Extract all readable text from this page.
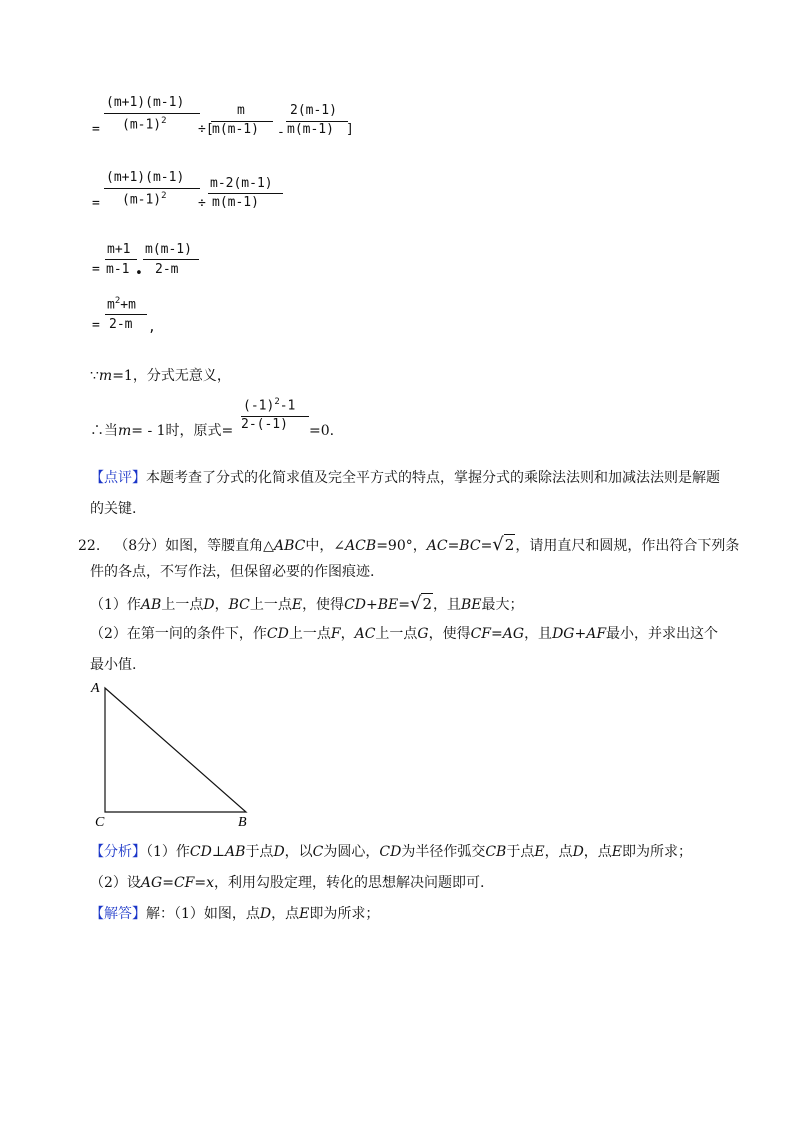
(m+1)(m-1)
$(m-1)^2$
=	÷[
m
m(m-1) -
2(m-1)
m(m-1) ]
(m+1)(m-1)
$(m-1)^2$
=	÷
m-2(m-1)
m(m-1)
=
m+1
m-1 •
m(m-1)
2-m
=
$m^2+m$
2-m ,
∵m=1，分式无意义，
∴当m= - 1时，原式=
$(-1)^2-1$
2-(-1) =0.
【点评】本题考查了分式的化简求值及完全平方式的特点，掌握分式的乘除法法则和加减法法则是解题
的关键.
22. （8分）如图，等腰直角△ABC中，∠ACB=90°，AC=BC=√2，请用直尺和圆规，作出符合下列条
件的各点，不写作法，但保留必要的作图痕迹.
（1）作AB上一点D，BC上一点E，使得CD+BE=√2，且BE最大；
（2）在第一问的条件下，作CD上一点F，AC上一点G，使得CF=AG，且DG+AF最小，并求出这个
最小值.
A
B
C
【分析】（1）作CD⊥AB于点D，以C为圆心，CD为半径作弧交CB于点E，点D，点E即为所求；
（2）设AG=CF=x，利用勾股定理，转化的思想解决问题即可.
【解答】解：（1）如图，点D，点E即为所求；
